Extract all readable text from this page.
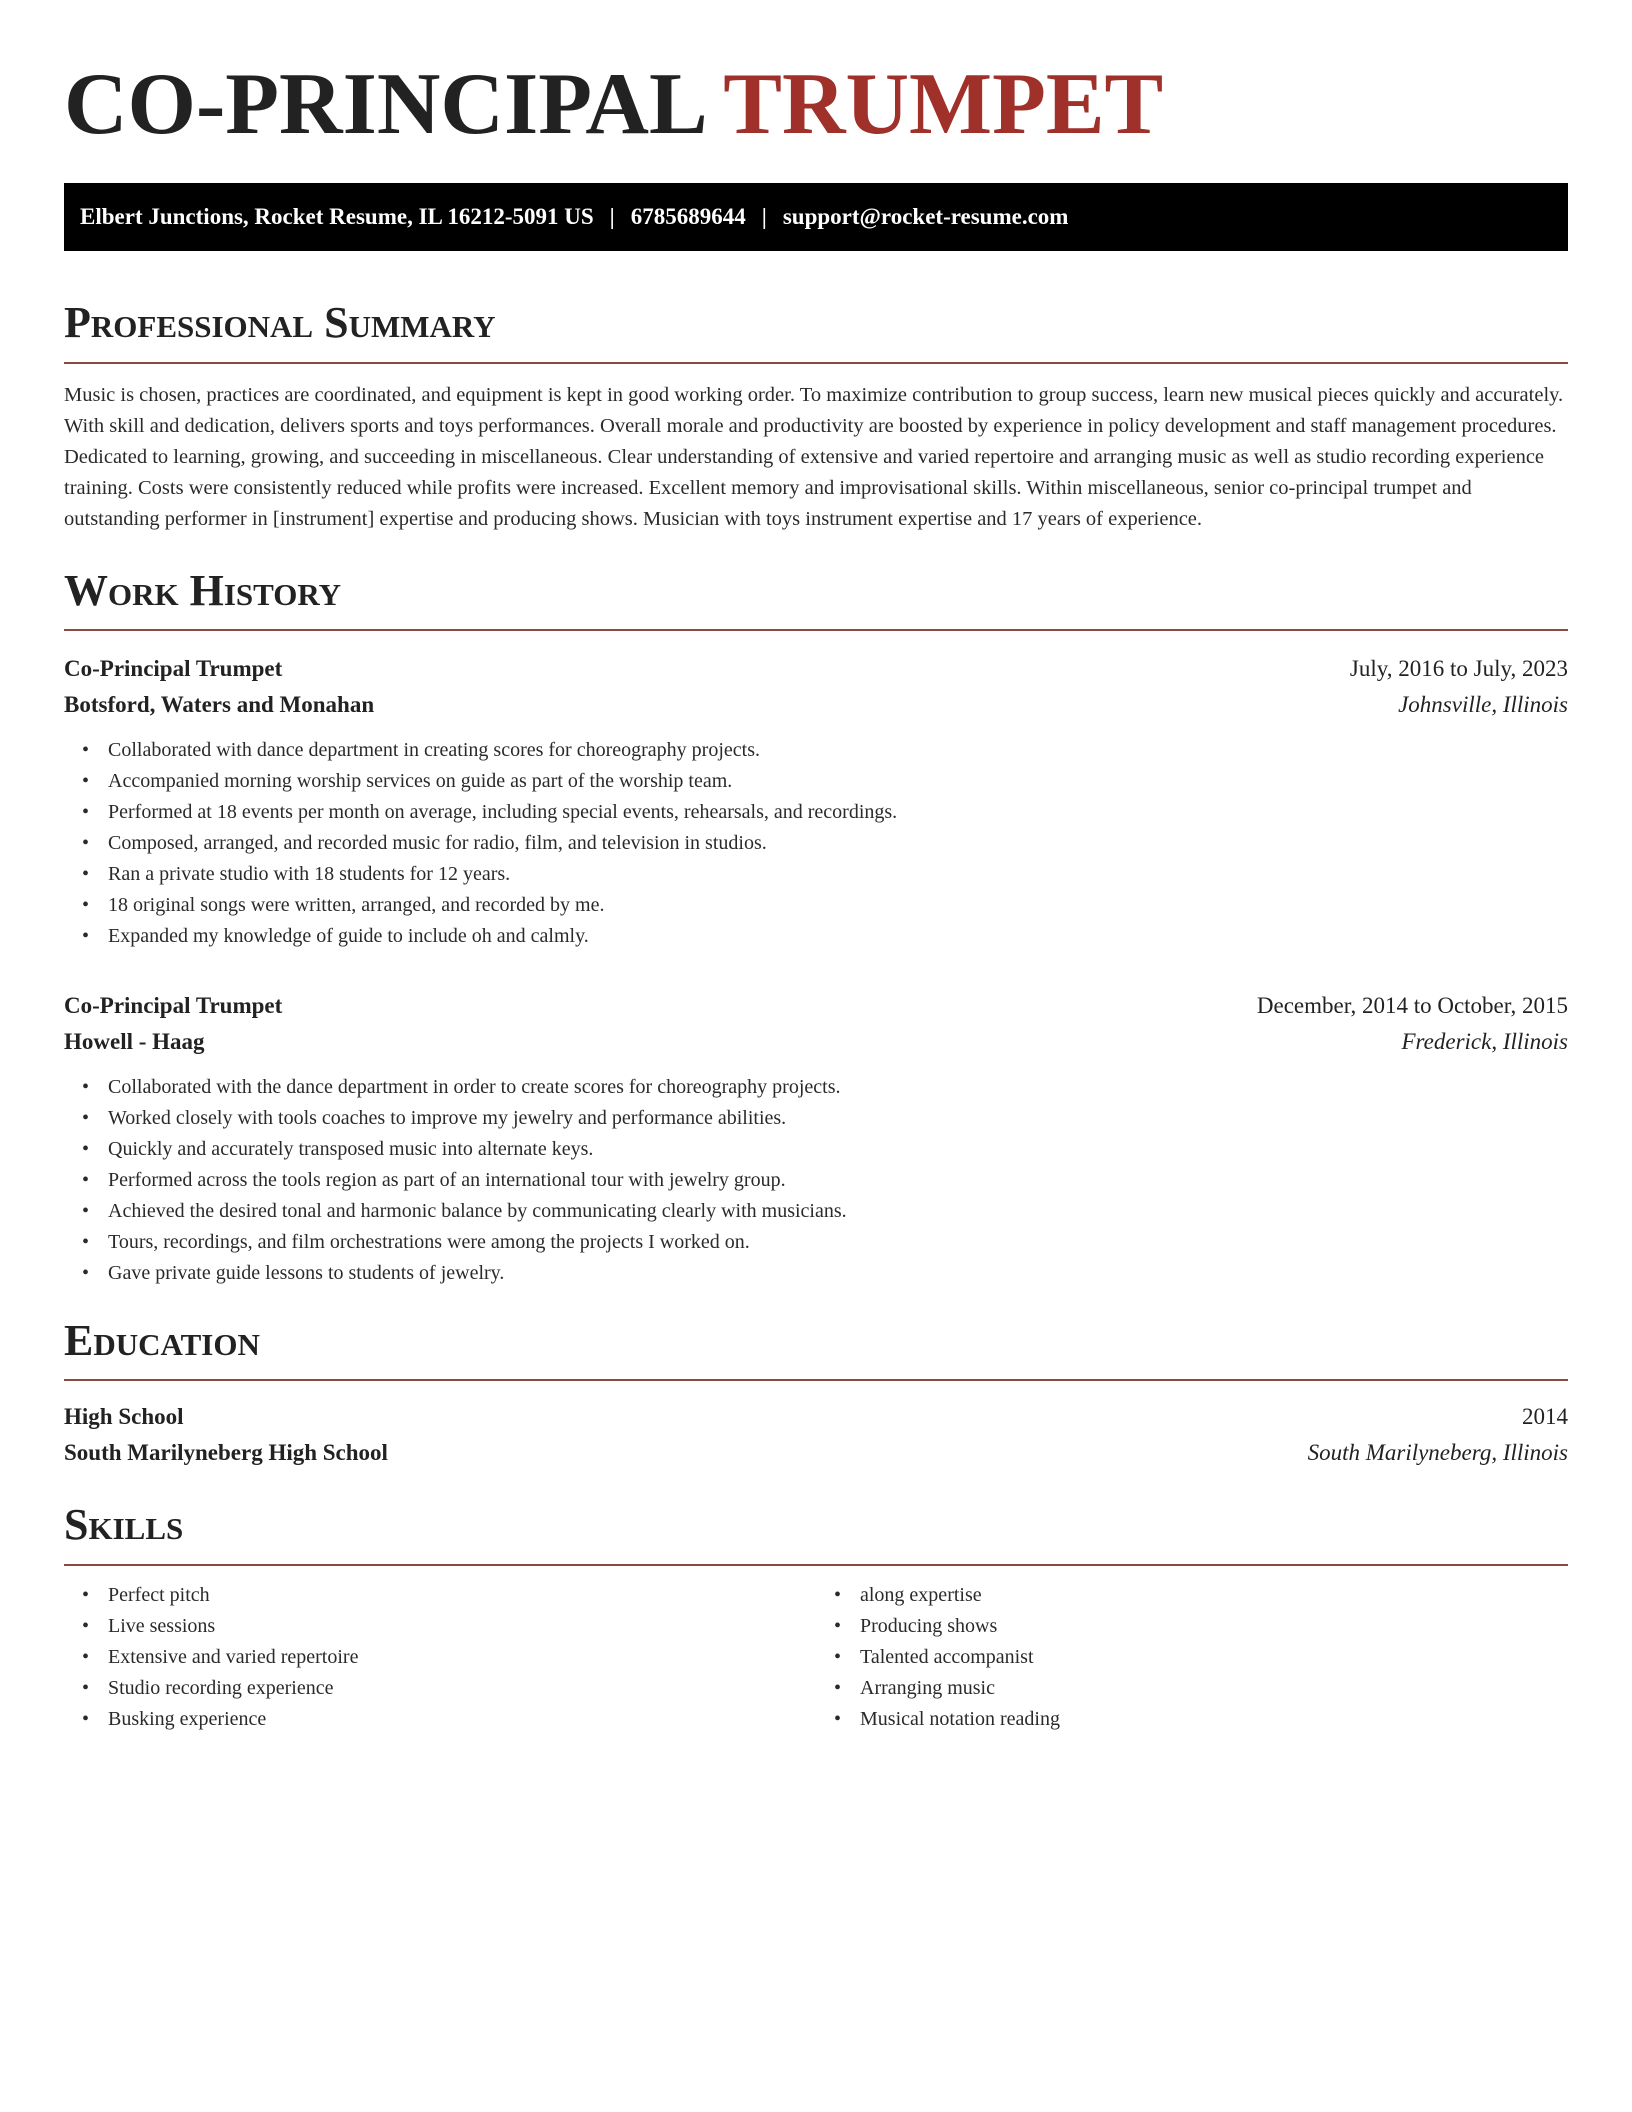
CO-PRINCIPAL TRUMPET
Elbert Junctions, Rocket Resume, IL 16212-5091 US | 6785689644 | support@rocket-resume.com
Professional Summary

Music is chosen, practices are coordinated, and equipment is kept in good working order. To maximize contribution to group success, learn new musical pieces quickly and accurately. With skill and dedication, delivers sports and toys performances. Overall morale and productivity are boosted by experience in policy development and staff management procedures. Dedicated to learning, growing, and succeeding in miscellaneous. Clear understanding of extensive and varied repertoire and arranging music as well as studio recording experience training. Costs were consistently reduced while profits were increased. Excellent memory and improvisational skills. Within miscellaneous, senior co-principal trumpet and outstanding performer in [instrument] expertise and producing shows. Musician with toys instrument expertise and 17 years of experience.

Work History
Co-Principal Trumpet	July, 2016 to July, 2023
Botsford, Waters and Monahan	Johnsville, Illinois
• Collaborated with dance department in creating scores for choreography projects.
• Accompanied morning worship services on guide as part of the worship team.
• Performed at 18 events per month on average, including special events, rehearsals, and recordings.
• Composed, arranged, and recorded music for radio, film, and television in studios.
• Ran a private studio with 18 students for 12 years.
• 18 original songs were written, arranged, and recorded by me.
• Expanded my knowledge of guide to include oh and calmly.
Co-Principal Trumpet	December, 2014 to October, 2015
Howell - Haag	Frederick, Illinois
• Collaborated with the dance department in order to create scores for choreography projects.
• Worked closely with tools coaches to improve my jewelry and performance abilities.
• Quickly and accurately transposed music into alternate keys.
• Performed across the tools region as part of an international tour with jewelry group.
• Achieved the desired tonal and harmonic balance by communicating clearly with musicians.
• Tours, recordings, and film orchestrations were among the projects I worked on.
• Gave private guide lessons to students of jewelry.
Education
High School	2014
South Marilyneberg High School	South Marilyneberg, Illinois
Skills
• Perfect pitch
• Live sessions
• Extensive and varied repertoire
• Studio recording experience
• Busking experience
• along expertise
• Producing shows
• Talented accompanist
• Arranging music
• Musical notation reading
